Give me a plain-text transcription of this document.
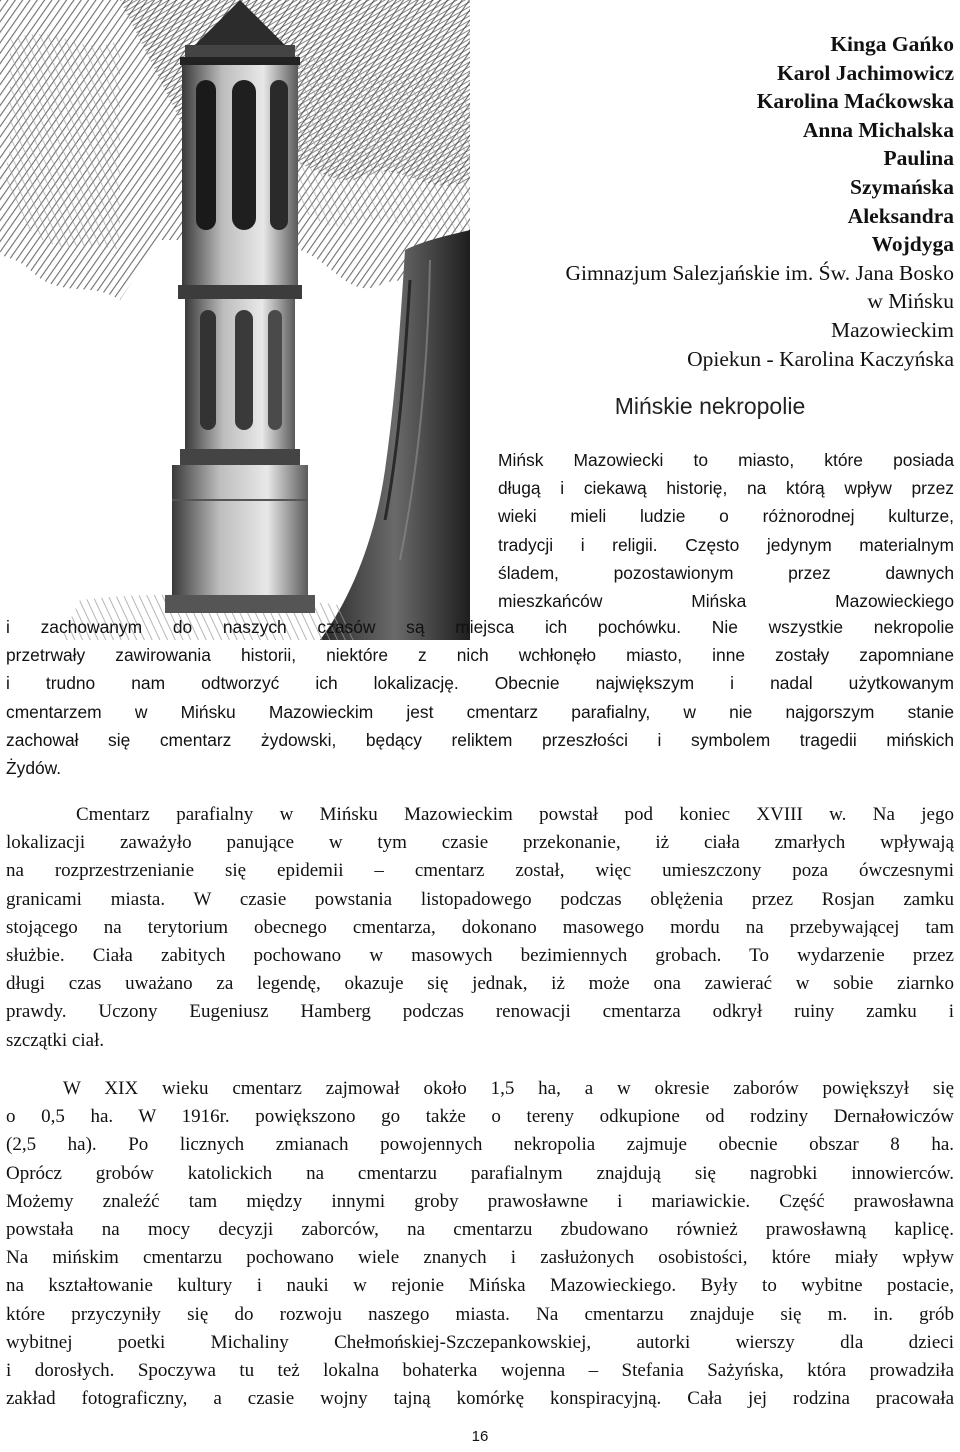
Kinga Gańko
Karol Jachimowicz
Karolina Maćkowska
Anna Michalska
Paulina
Szymańska
Aleksandra
Wojdyga
Gimnazjum Salezjańskie im. Św. Jana Bosko
w Mińsku
Mazowieckim
Opiekun - Karolina Kaczyńska
Mińskie nekropolie
Mińsk Mazowiecki to miasto, które posiada
długą i ciekawą historię, na którą wpływ przez
wieki mieli ludzie o różnorodnej kulturze,
tradycji i religii. Często jedynym materialnym
śladem, pozostawionym przez dawnych
mieszkańców Mińska Mazowieckiego
i zachowanym do naszych czasów są miejsca ich pochówku. Nie wszystkie nekropolie
przetrwały zawirowania historii, niektóre z nich wchłonęło miasto, inne zostały zapomniane
i trudno nam odtworzyć ich lokalizację. Obecnie największym i nadal użytkowanym
cmentarzem w Mińsku Mazowieckim jest cmentarz parafialny, w nie najgorszym stanie
zachował się cmentarz żydowski, będący reliktem przeszłości i symbolem tragedii mińskich
Żydów.
Cmentarz parafialny w Mińsku Mazowieckim powstał pod koniec XVIII w. Na jego
lokalizacji zaważyło panujące w tym czasie przekonanie, iż ciała zmarłych wpływają
na rozprzestrzenianie się epidemii – cmentarz został, więc umieszczony poza ówczesnymi
granicami miasta. W czasie powstania listopadowego podczas oblężenia przez Rosjan zamku
stojącego na terytorium obecnego cmentarza, dokonano masowego mordu na przebywającej tam
służbie. Ciała zabitych pochowano w masowych bezimiennych grobach. To wydarzenie przez
długi czas uważano za legendę, okazuje się jednak, iż może ona zawierać w sobie ziarnko
prawdy. Uczony Eugeniusz Hamberg podczas renowacji cmentarza odkrył ruiny zamku i
szczątki ciał.
W XIX wieku cmentarz zajmował około 1,5 ha, a w okresie zaborów powiększył się
o 0,5 ha. W 1916r. powiększono go także o tereny odkupione od rodziny Dernałowiczów
(2,5 ha). Po licznych zmianach powojennych nekropolia zajmuje obecnie obszar 8 ha.
Oprócz grobów katolickich na cmentarzu parafialnym znajdują się nagrobki innowierców.
Możemy znaleźć tam między innymi groby prawosławne i mariawickie. Część prawosławna
powstała na mocy decyzji zaborców, na cmentarzu zbudowano również prawosławną kaplicę.
Na mińskim cmentarzu pochowano wiele znanych i zasłużonych osobistości, które miały wpływ
na kształtowanie kultury i nauki w rejonie Mińska Mazowieckiego. Były to wybitne postacie,
które przyczyniły się do rozwoju naszego miasta. Na cmentarzu znajduje się m. in. grób
wybitnej poetki Michaliny Chełmońskiej-Szczepankowskiej, autorki wierszy dla dzieci
i dorosłych. Spoczywa tu też lokalna bohaterka wojenna – Stefania Sażyńska, która prowadziła
zakład fotograficzny, a czasie wojny tajną komórkę konspiracyjną. Cała jej rodzina pracowała
16
